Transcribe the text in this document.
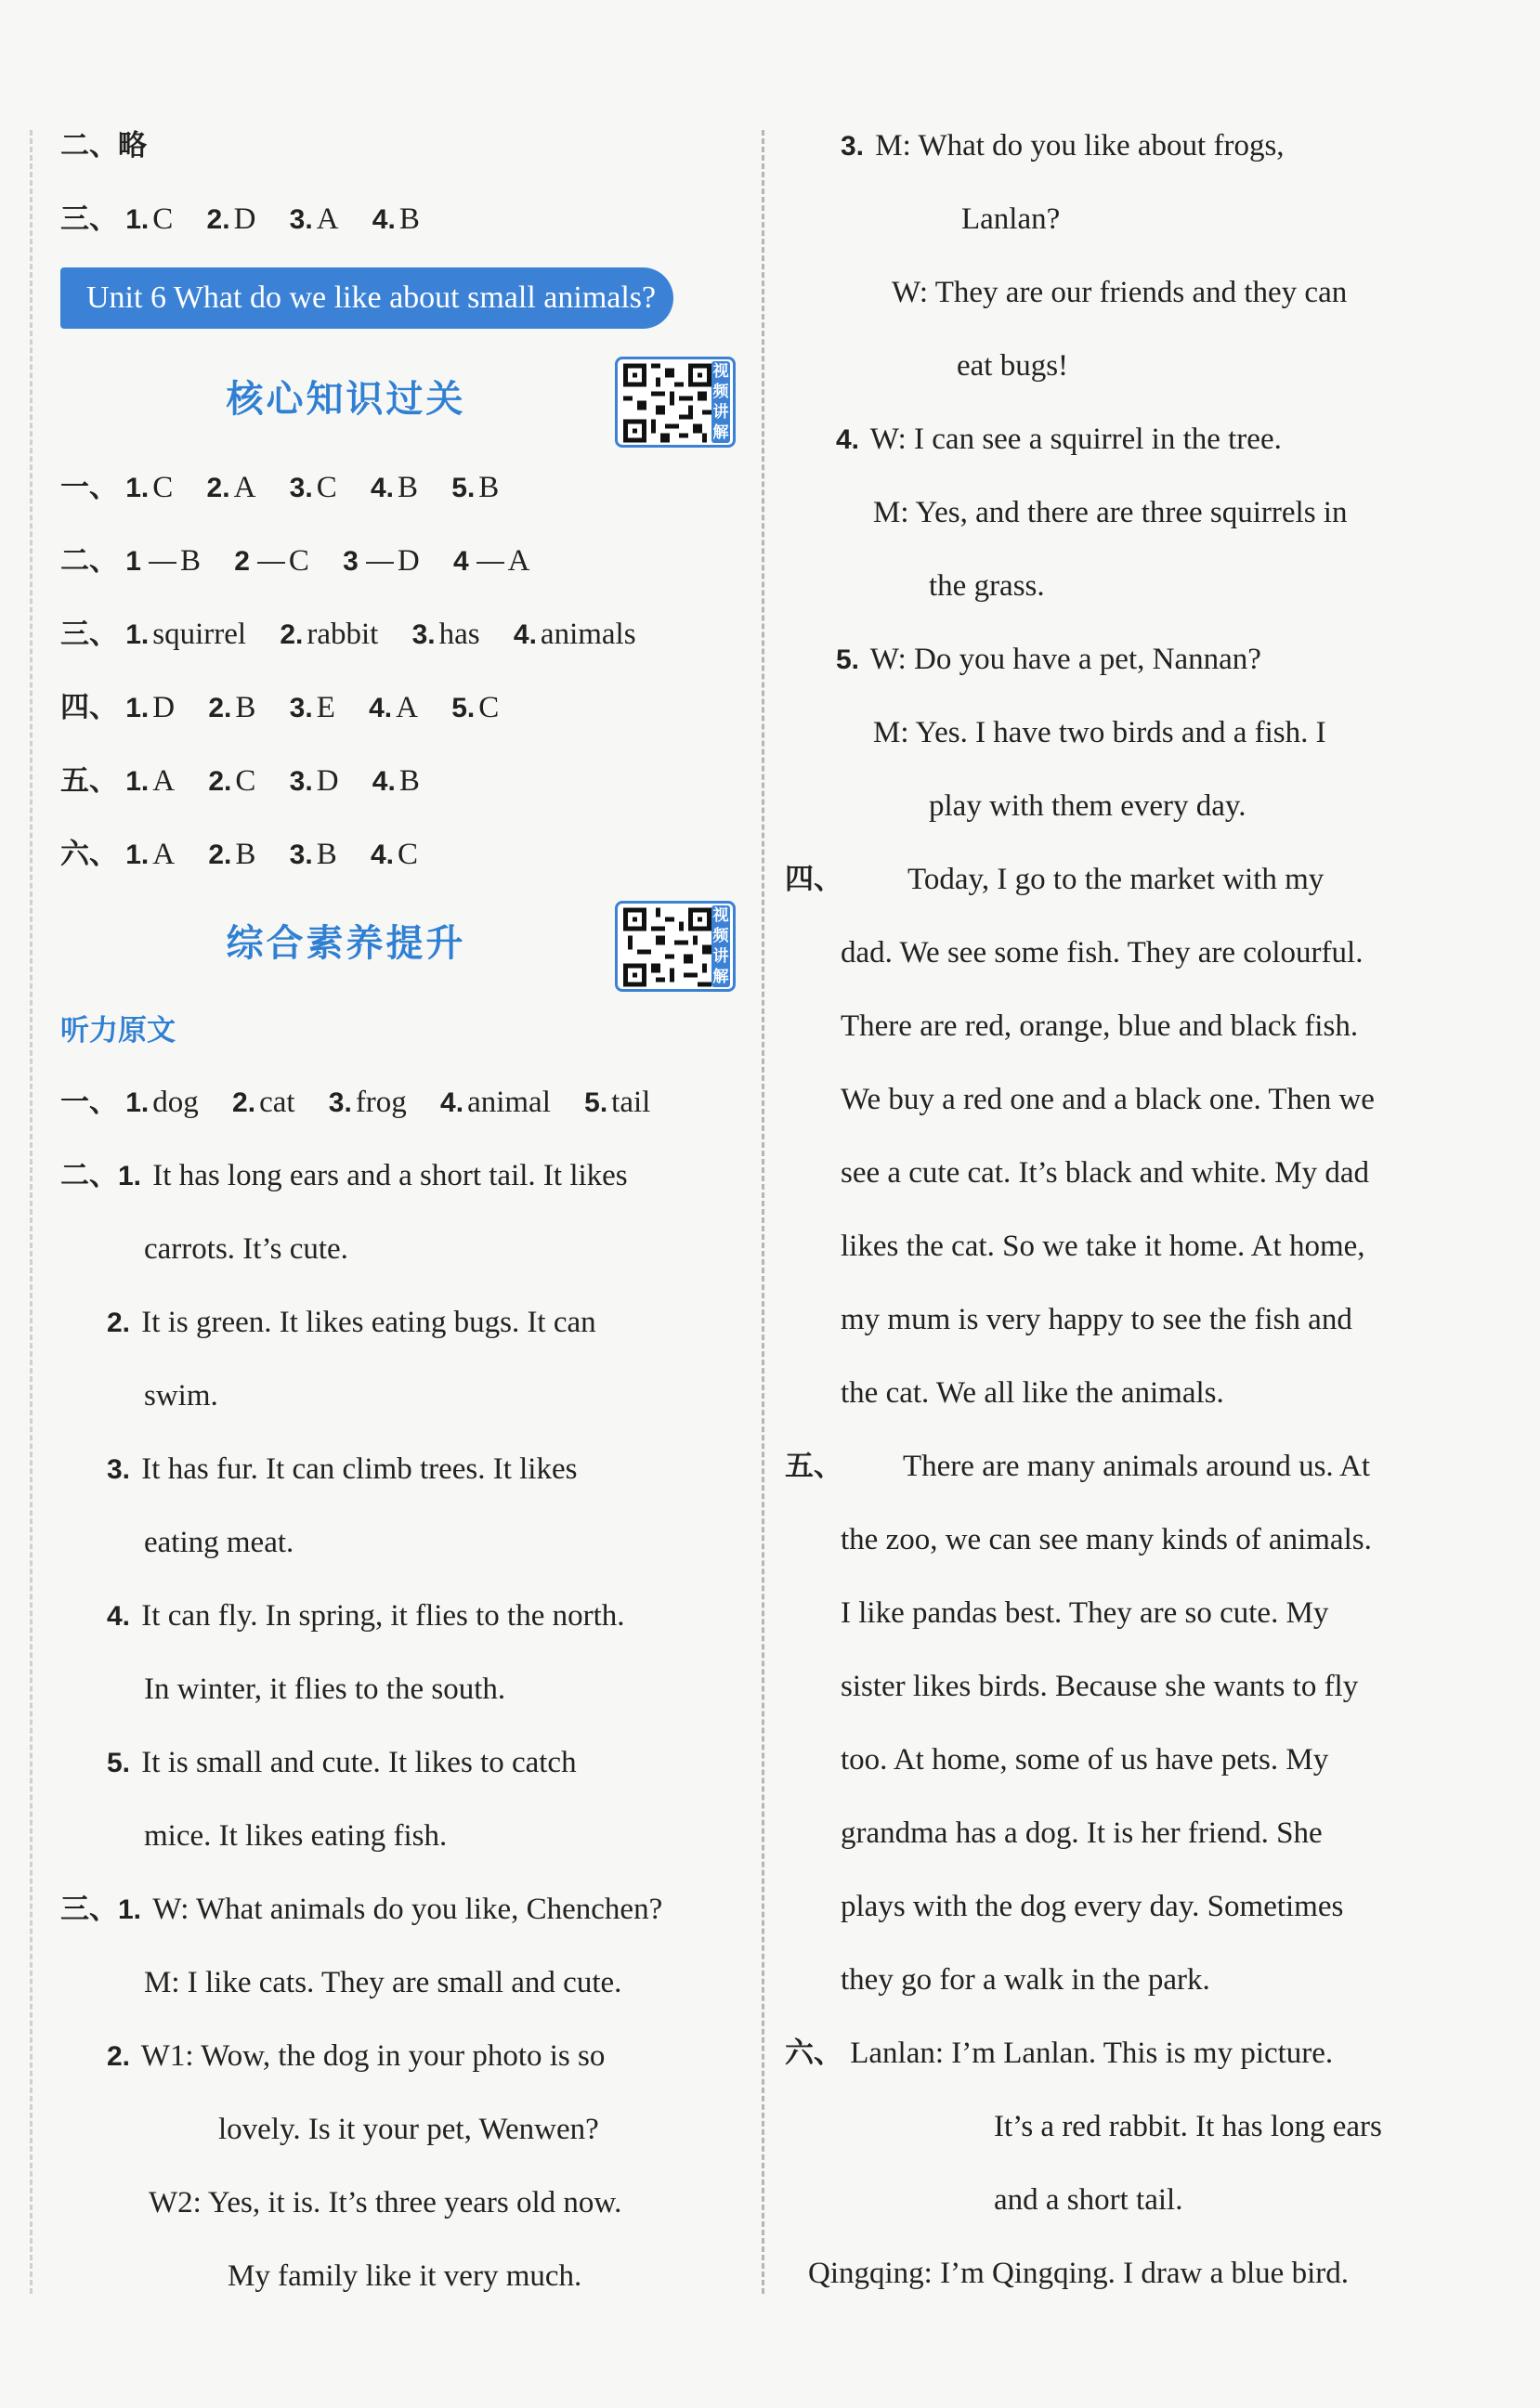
二、略
三、 1. C 2. D 3. A 4. B
Unit 6 What do we like about small animals?
核心知识过关
视频讲解
一、 1. C 2. A 3. C 4. B 5. B
二、 1 B 2 C 3 D 4 A
三、 1. squirrel 2. rabbit 3. has 4. animals
四、 1. D 2. B 3. E 4. A 5. C
五、 1. A 2. C 3. D 4. B
六、 1. A 2. B 3. B 4. C
综合素养提升
视频讲解
听力原文
一、 1. dog 2. cat 3. frog 4. animal 5. tail
二、1. It has long ears and a short tail. It likes
carrots. It’s cute.
2. It is green. It likes eating bugs. It can
swim.
3. It has fur. It can climb trees. It likes
eating meat.
4. It can fly. In spring, it flies to the north.
In winter, it flies to the south.
5. It is small and cute. It likes to catch
mice. It likes eating fish.
三、1. W: What animals do you like, Chenchen?
M: I like cats. They are small and cute.
2. W1: Wow, the dog in your photo is so
lovely. Is it your pet, Wenwen?
W2: Yes, it is. It’s three years old now.
My family like it very much.
3. M: What do you like about frogs,
Lanlan?
W: They are our friends and they can
eat bugs!
4. W: I can see a squirrel in the tree.
M: Yes, and there are three squirrels in
the grass.
5. W: Do you have a pet, Nannan?
M: Yes. I have two birds and a fish. I
play with them every day.
四、 Today, I go to the market with my
dad. We see some fish. They are colourful.
There are red, orange, blue and black fish.
We buy a red one and a black one. Then we
see a cute cat. It’s black and white. My dad
likes the cat. So we take it home. At home,
my mum is very happy to see the fish and
the cat. We all like the animals.
五、 There are many animals around us. At
the zoo, we can see many kinds of animals.
I like pandas best. They are so cute. My
sister likes birds. Because she wants to fly
too. At home, some of us have pets. My
grandma has a dog. It is her friend. She
plays with the dog every day. Sometimes
they go for a walk in the park.
六、 Lanlan: I’m Lanlan. This is my picture.
It’s a red rabbit. It has long ears
and a short tail.
Qingqing: I’m Qingqing. I draw a blue bird.
